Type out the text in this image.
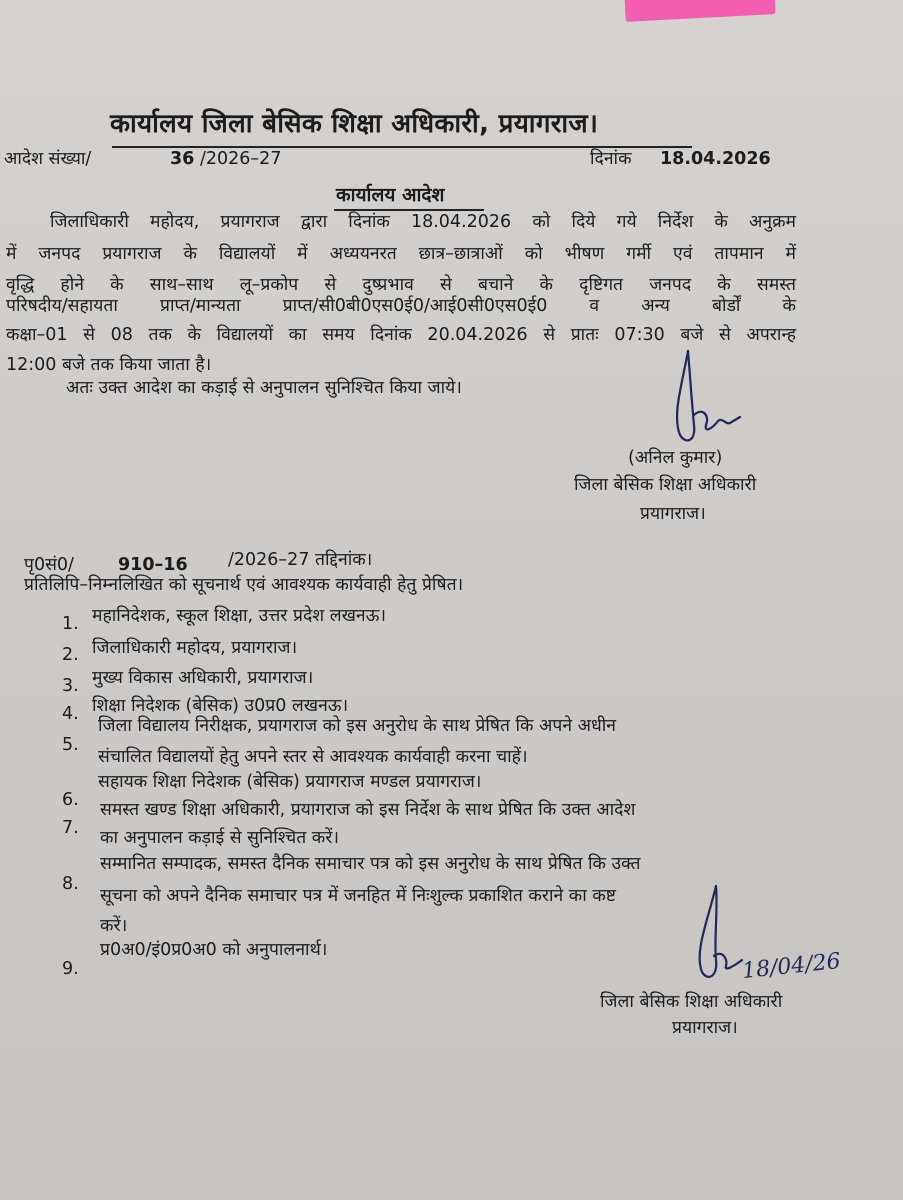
कार्यालय जिला बेसिक शिक्षा अधिकारी, प्रयागराज।
आदेश संख्या/	36 /2026–27	दिनांक 18.04.2026
कार्यालय आदेश
जिलाधिकारी महोदय, प्रयागराज द्वारा दिनांक 18.04.2026 को दिये गये निर्देश के अनुक्रम
में जनपद प्रयागराज के विद्यालयों में अध्ययनरत छात्र–छात्राओं को भीषण गर्मी एवं तापमान में
वृद्धि होने के साथ–साथ लू–प्रकोप से दुष्प्रभाव से बचाने के दृष्टिगत जनपद के समस्त
परिषदीय/सहायता प्राप्त/मान्यता प्राप्त/सी0बी0एस0ई0/आई0सी0एस0ई0 व अन्य बोर्डों के
कक्षा–01 से 08 तक के विद्यालयों का समय दिनांक 20.04.2026 से प्रातः 07:30 बजे से अपरान्ह
12:00 बजे तक किया जाता है।
अतः उक्त आदेश का कड़ाई से अनुपालन सुनिश्चित किया जाये।
(अनिल कुमार)
जिला बेसिक शिक्षा अधिकारी
प्रयागराज।
पृ0सं0/	910–16 /2026–27 तद्दिनांक।
प्रतिलिपि–निम्नलिखित को सूचनार्थ एवं आवश्यक कार्यवाही हेतु प्रेषित।
1. महानिदेशक, स्कूल शिक्षा, उत्तर प्रदेश लखनऊ।
2. जिलाधिकारी महोदय, प्रयागराज।
3. मुख्य विकास अधिकारी, प्रयागराज।
4. शिक्षा निदेशक (बेसिक) उ0प्र0 लखनऊ।
5.
जिला विद्यालय निरीक्षक, प्रयागराज को इस अनुरोध के साथ प्रेषित कि अपने अधीन
संचालित विद्यालयों हेतु अपने स्तर से आवश्यक कार्यवाही करना चाहें।
6.
सहायक शिक्षा निदेशक (बेसिक) प्रयागराज मण्डल प्रयागराज।
7.
समस्त खण्ड शिक्षा अधिकारी, प्रयागराज को इस निर्देश के साथ प्रेषित कि उक्त आदेश
का अनुपालन कड़ाई से सुनिश्चित करें।
8.
सम्मानित सम्पादक, समस्त दैनिक समाचार पत्र को इस अनुरोध के साथ प्रेषित कि उक्त
सूचना को अपने दैनिक समाचार पत्र में जनहित में निःशुल्क प्रकाशित कराने का कष्ट
करें।
9.
प्र0अ0/इं0प्र0अ0 को अनुपालनार्थ।	18/04/26
जिला बेसिक शिक्षा अधिकारी
प्रयागराज।
